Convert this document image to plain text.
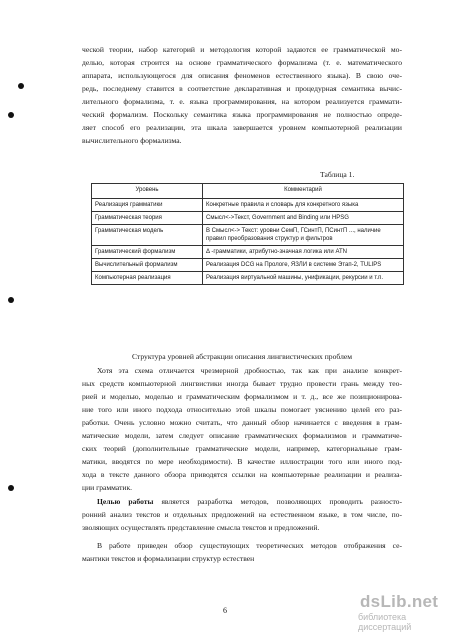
ческой теории, набор категорий и методология которой задаются ее грамматической мо-
делью, которая строится на основе грамматического формализма (т. е. математического
аппарата, использующегося для описания феноменов естественного языка). В свою оче-
редь, последнему ставится в соответствие декларативная и процедурная семантика вычис-
лительного формализма, т. е. языка программирования, на котором реализуется граммати-
ческий формализм. Поскольку семантика языка программирования не полностью опреде-
ляет способ его реализации, эта шкала завершается уровнем компьютерной реализации
вычислительного формализма.
Таблица 1.
Уровень	Комментарий
Реализация грамматики	Конкретные правила и словарь для конкретного языка
Грамматическая теория	Смысл<->Текст, Government and Binding или HPSG
Грамматическая модель	В Смысл<-> Текст: уровни СемП, ГСинтП, ПСинтП ..., наличие правил преобразования структур и фильтров
Грамматический формализм	Δ -грамматики, атрибутно-значная логика или ATN
Вычислительный формализм	Реализация DCG на Прологе, ЯЗЛИ в системе Этап-2, TULIPS
Компьютерная реализация	Реализация виртуальной машины, унификации, рекурсии и т.п.
Структура уровней абстракции описания лингвистических проблем
Хотя эта схема отличается чрезмерной дробностью, так как при анализе конкрет-
ных средств компьютерной лингвистики иногда бывает трудно провести грань между тео-
рией и моделью, моделью и грамматическим формализмом и т. д., все же позиционирова-
ние того или иного подхода относительно этой шкалы помогает уяснению целей его раз-
работки. Очень условно можно считать, что данный обзор начинается с введения в грам-
матические модели, затем следует описание грамматических формализмов и грамматиче-
ских теорий (дополнительные грамматические модели, например, категориальные грам-
матики, вводятся по мере необходимости). В качестве иллюстрации того или иного под-
хода в тексте данного обзора приводятся ссылки на компьютерные реализации и реализа-
ции грамматик.
Целью работы является разработка методов, позволяющих проводить разносто-
ронний анализ текстов и отдельных предложений на естественном языке, в том числе, по-
зволяющих осуществлять представление смысла текстов и предложений.
В работе приведен обзор существующих теоретических методов отображения се-
мантики текстов и формализации структур естествен
6	dsLib.net
библиотека диссертаций
